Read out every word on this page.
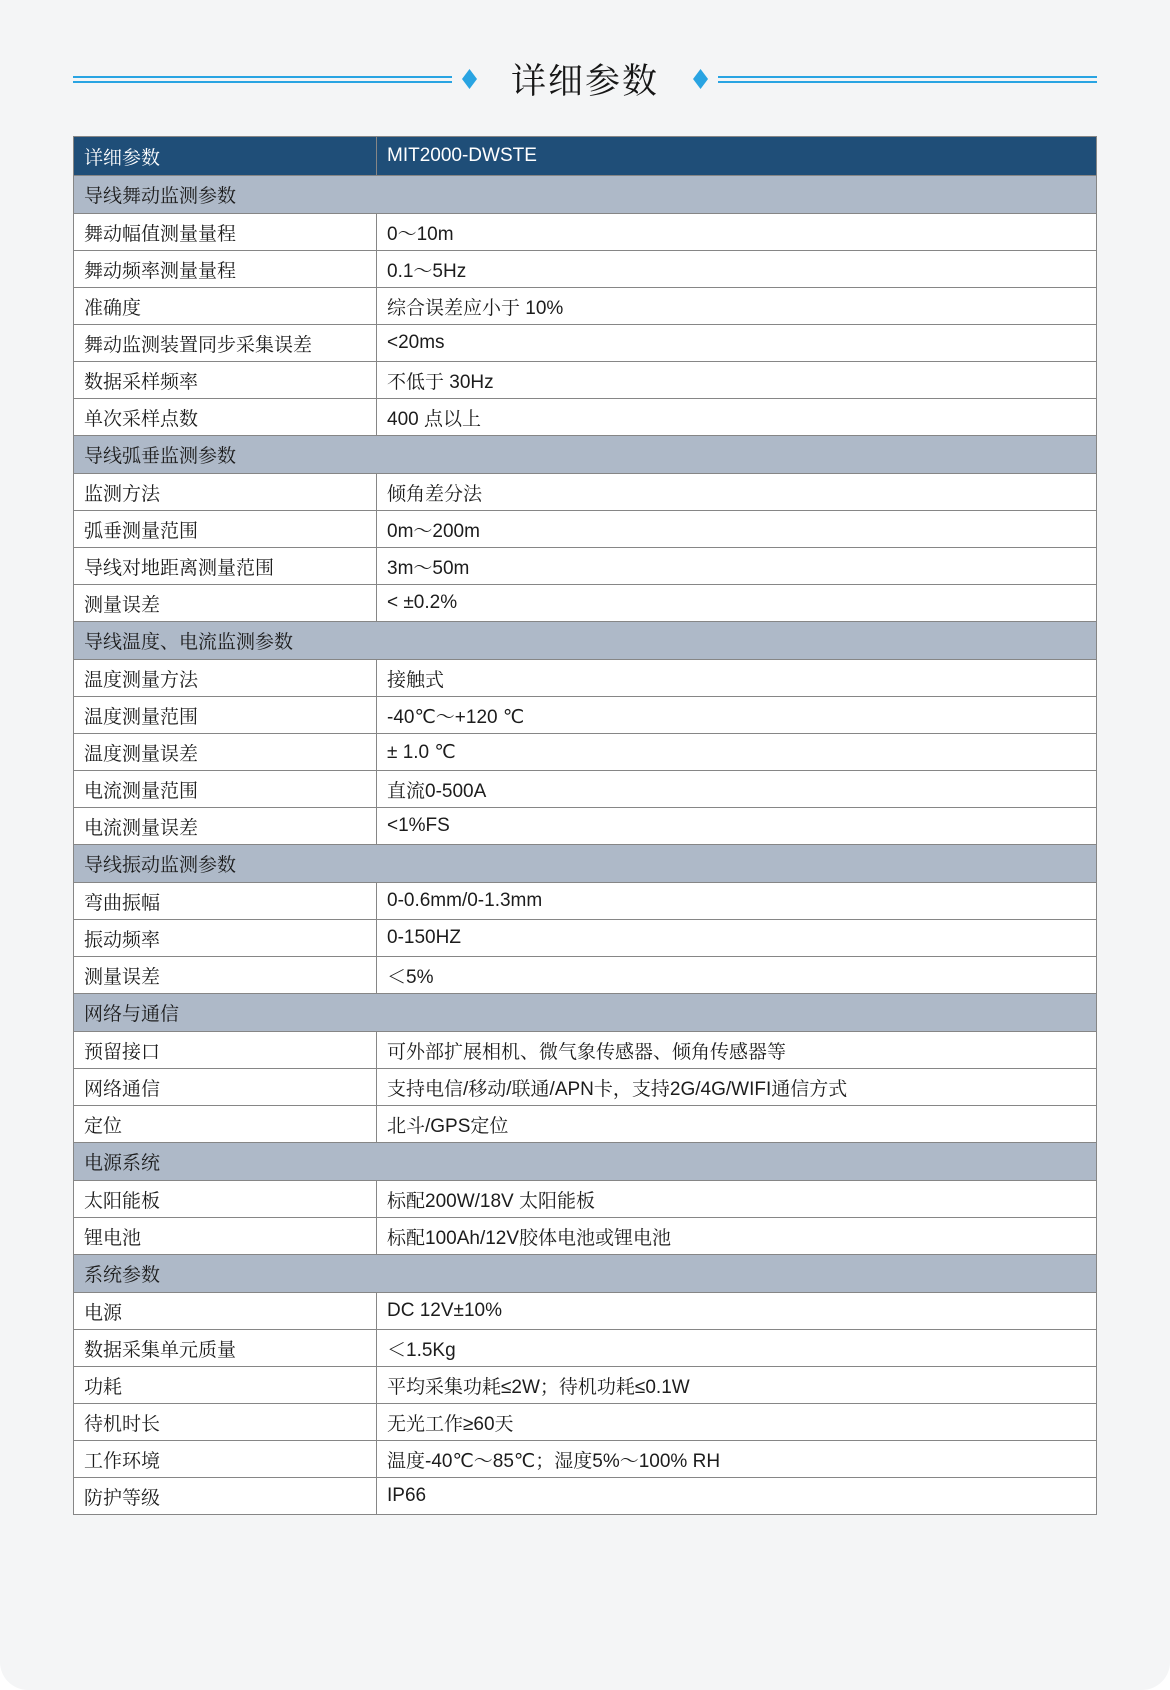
详细参数
详细参数	MIT2000-DWSTE
导线舞动监测参数	
舞动幅值测量量程	0～10m
舞动频率测量量程	0.1～5Hz
准确度	综合误差应小于 10%
舞动监测装置同步采集误差	<20ms
数据采样频率	不低于 30Hz
单次采样点数	400 点以上
导线弧垂监测参数	
监测方法	倾角差分法
弧垂测量范围	0m～200m
导线对地距离测量范围	3m～50m
测量误差	< ±0.2%
导线温度、电流监测参数	
温度测量方法	接触式
温度测量范围	-40℃～+120 ℃
温度测量误差	± 1.0 ℃
电流测量范围	直流0-500A
电流测量误差	<1%FS
导线振动监测参数	
弯曲振幅	0-0.6mm/0-1.3mm
振动频率	0-150HZ
测量误差	＜5%
网络与通信	
预留接口	可外部扩展相机、微气象传感器、倾角传感器等
网络通信	支持电信/移动/联通/APN卡，支持2G/4G/WIFI通信方式
定位	北斗/GPS定位
电源系统	
太阳能板	标配200W/18V 太阳能板
锂电池	标配100Ah/12V胶体电池或锂电池
系统参数	
电源	DC 12V±10%
数据采集单元质量	＜1.5Kg
功耗	平均采集功耗≤2W；待机功耗≤0.1W
待机时长	无光工作≥60天
工作环境	温度-40℃～85℃；湿度5%～100% RH
防护等级	IP66
